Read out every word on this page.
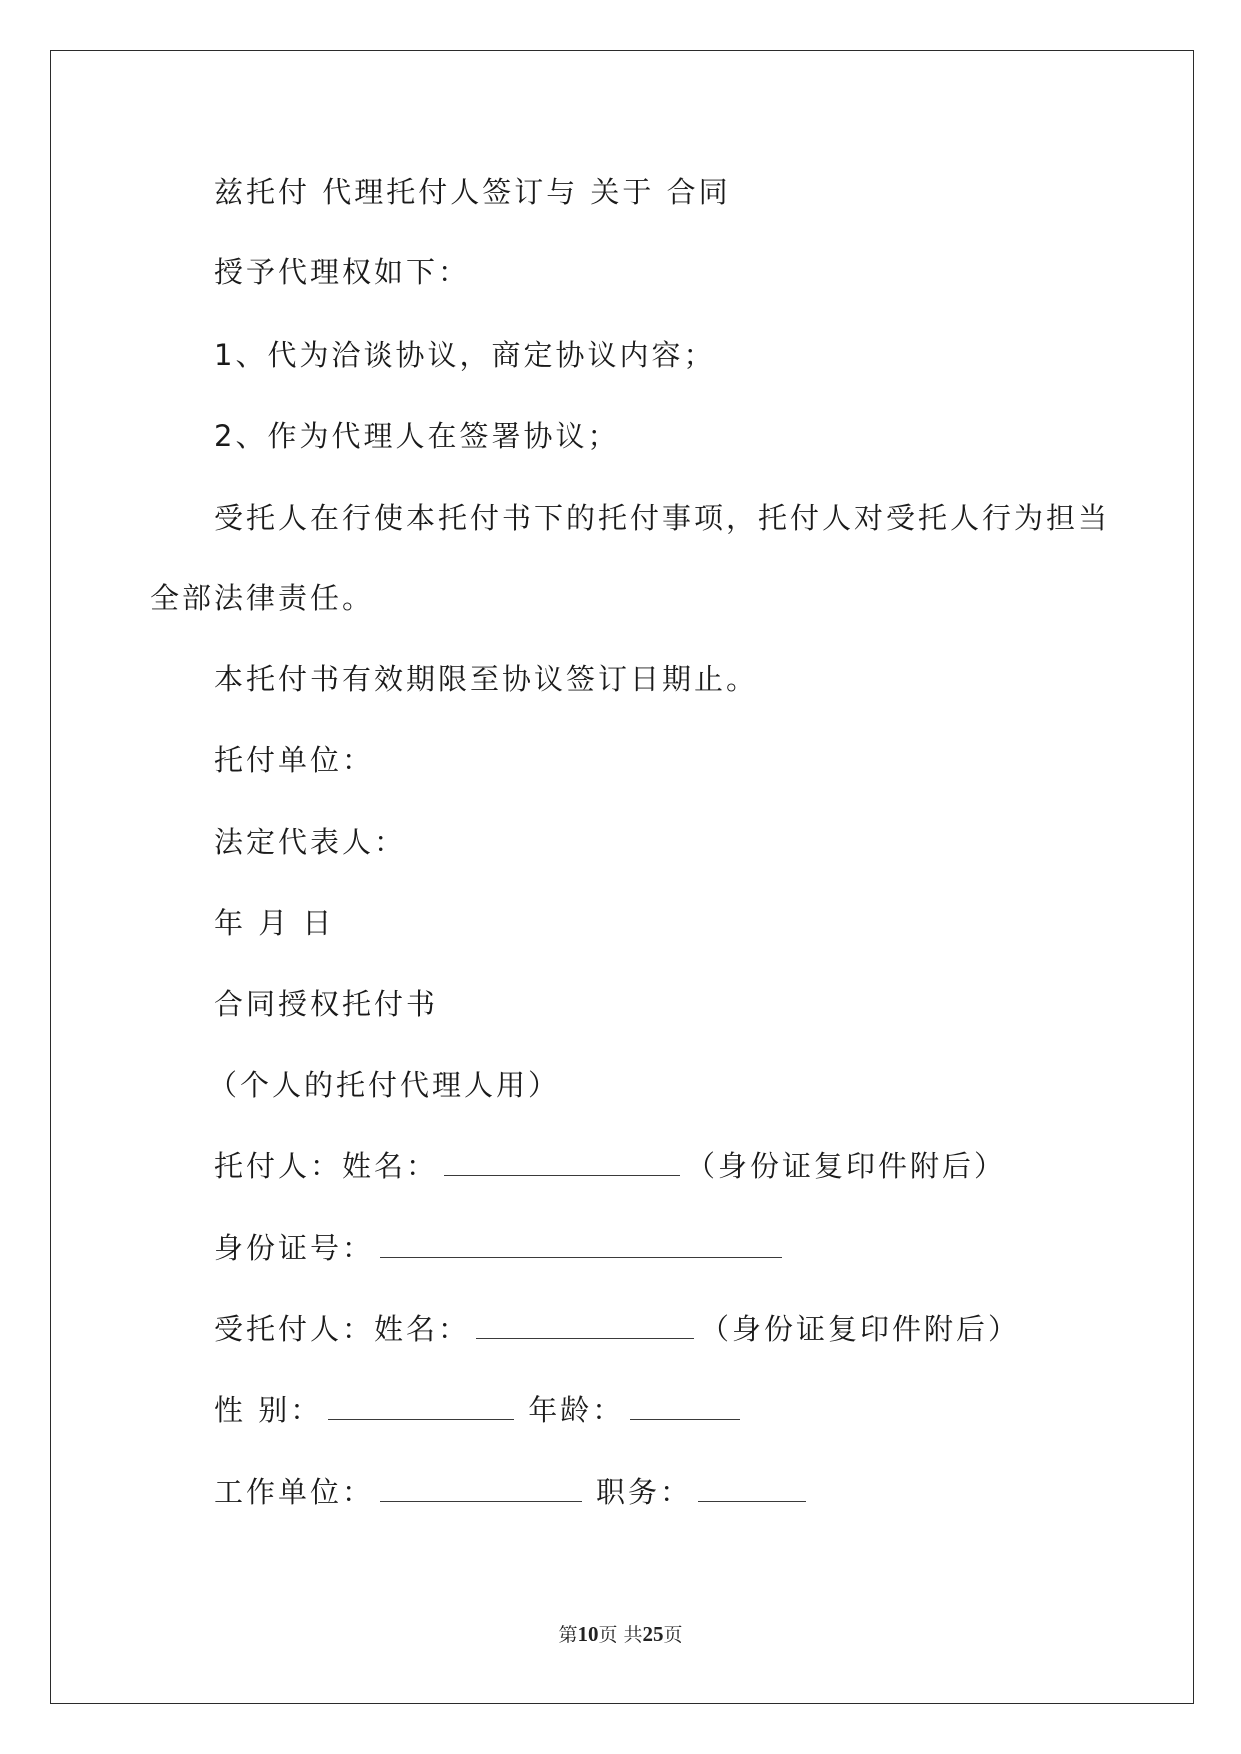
兹托付 代理托付人签订与 关于 合同
授予代理权如下：
1、代为洽谈协议，商定协议内容；
2、作为代理人在签署协议；
受托人在行使本托付书下的托付事项，托付人对受托人行为担当
全部法律责任。
本托付书有效期限至协议签订日期止。
托付单位：
法定代表人：
年 月 日
合同授权托付书
（个人的托付代理人用）
托付人：姓名：	（身份证复印件附后）
身份证号：
受托付人：姓名：	（身份证复印件附后）
性 别：	年龄：
工作单位：	职务：
第10页 共25页
